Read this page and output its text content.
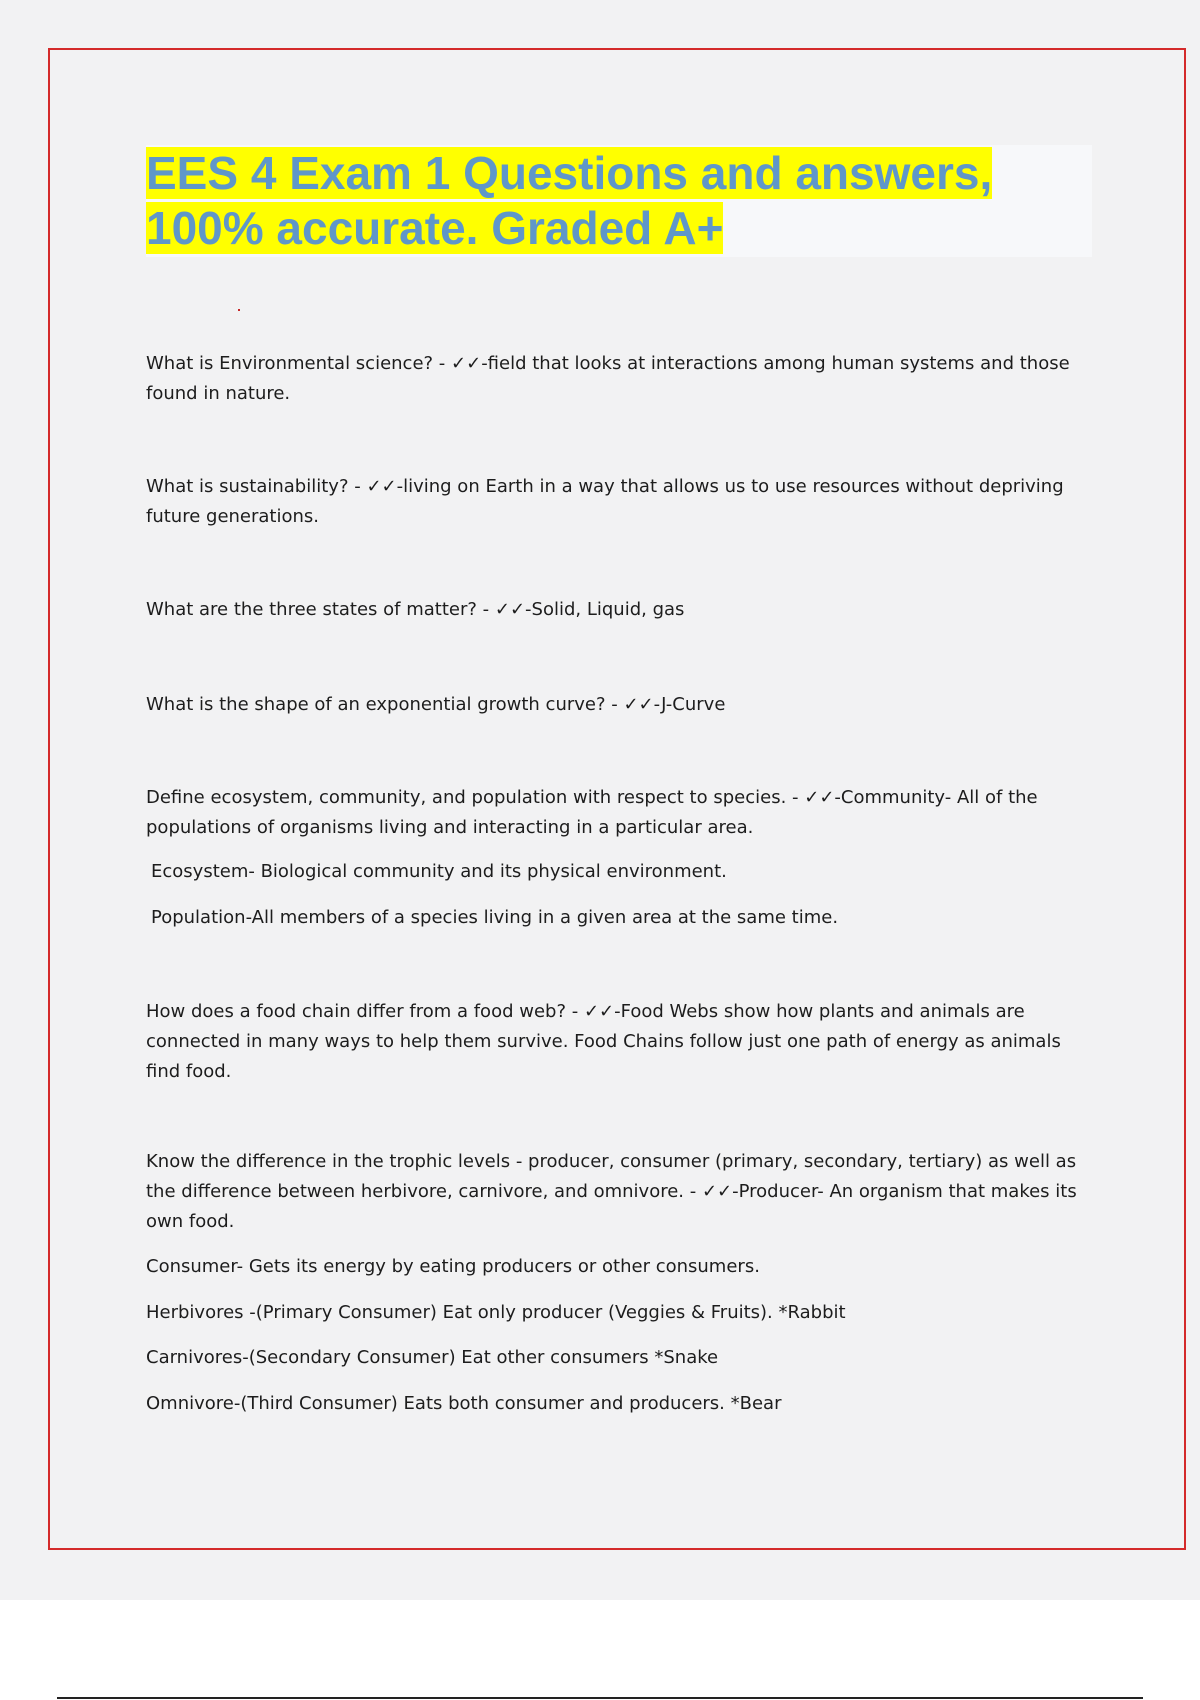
EES 4 Exam 1 Questions and answers,
100% accurate. Graded A+

What is Environmental science? - ✓✓-field that looks at interactions among human systems and those found in nature.

What is sustainability? - ✓✓-living on Earth in a way that allows us to use resources without depriving future generations.

What are the three states of matter? - ✓✓-Solid, Liquid, gas

What is the shape of an exponential growth curve? - ✓✓-J-Curve

Define ecosystem, community, and population with respect to species. - ✓✓-Community- All of the populations of organisms living and interacting in a particular area.

Ecosystem- Biological community and its physical environment.

Population-All members of a species living in a given area at the same time.

How does a food chain differ from a food web? - ✓✓-Food Webs show how plants and animals are connected in many ways to help them survive. Food Chains follow just one path of energy as animals find food.

Know the difference in the trophic levels - producer, consumer (primary, secondary, tertiary) as well as the difference between herbivore, carnivore, and omnivore. - ✓✓-Producer- An organism that makes its own food.

Consumer- Gets its energy by eating producers or other consumers.

Herbivores -(Primary Consumer) Eat only producer (Veggies & Fruits). *Rabbit

Carnivores-(Secondary Consumer) Eat other consumers *Snake

Omnivore-(Third Consumer) Eats both consumer and producers. *Bear
